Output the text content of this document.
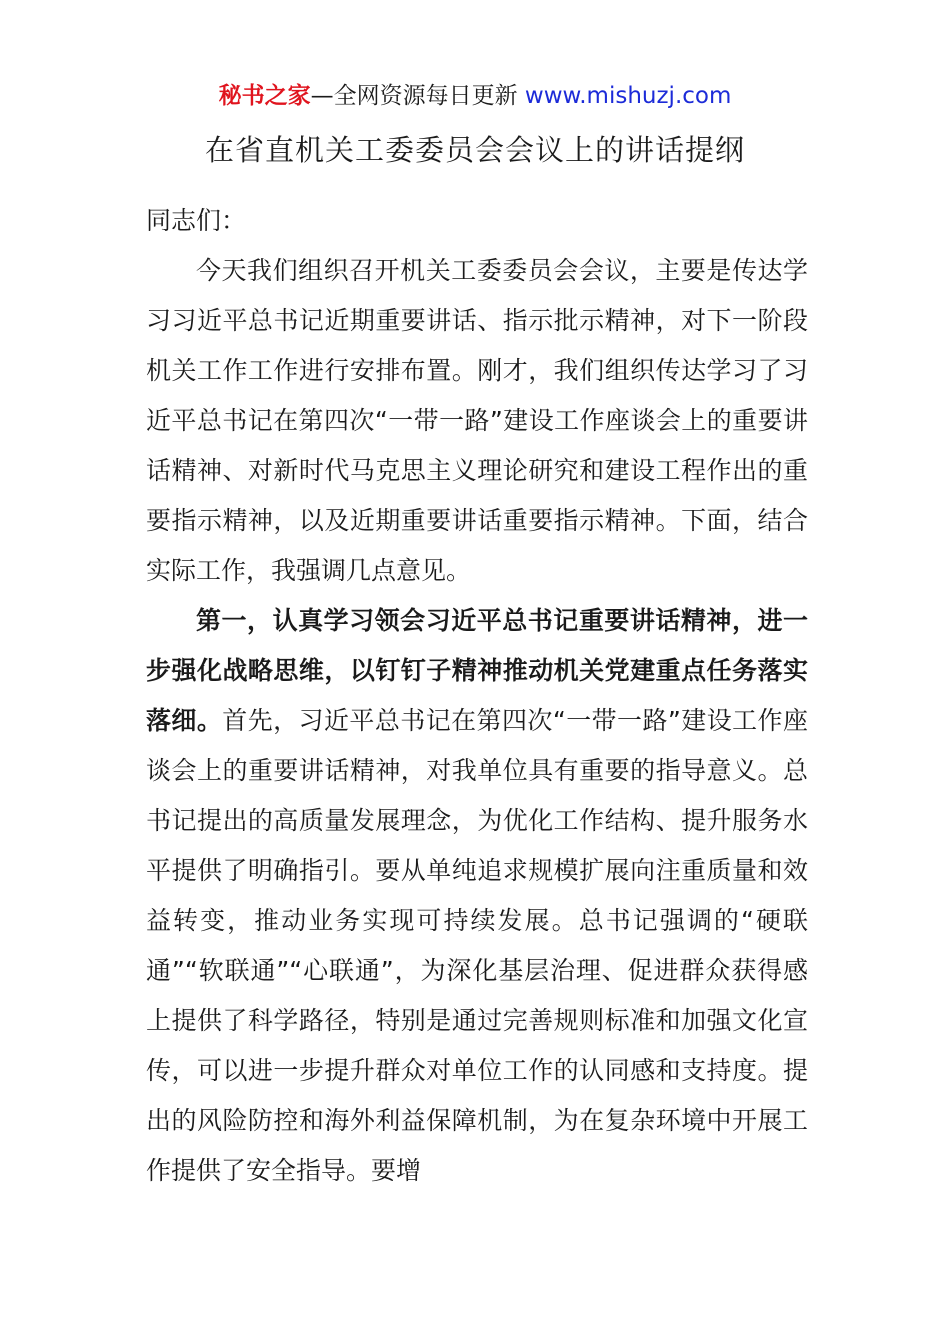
秘书之家—全网资源每日更新 www.mishuzj.com
在省直机关工委委员会会议上的讲话提纲

同志们：

今天我们组织召开机关工委委员会会议，主要是传达学习习近平总书记近期重要讲话、指示批示精神，对下一阶段机关工作工作进行安排布置。刚才，我们组织传达学习了习近平总书记在第四次“一带一路”建设工作座谈会上的重要讲话精神、对新时代马克思主义理论研究和建设工程作出的重要指示精神，以及近期重要讲话重要指示精神。下面，结合实际工作，我强调几点意见。

第一，认真学习领会习近平总书记重要讲话精神，进一步强化战略思维，以钉钉子精神推动机关党建重点任务落实落细。首先，习近平总书记在第四次“一带一路”建设工作座谈会上的重要讲话精神，对我单位具有重要的指导意义。总书记提出的高质量发展理念，为优化工作结构、提升服务水平提供了明确指引。要从单纯追求规模扩展向注重质量和效益转变，推动业务实现可持续发展。总书记强调的“硬联通”“软联通”“心联通”，为深化基层治理、促进群众获得感上提供了科学路径，特别是通过完善规则标准和加强文化宣传，可以进一步提升群众对单位工作的认同感和支持度。提出的风险防控和海外利益保障机制，为在复杂环境中开展工作提供了安全指导。要增
